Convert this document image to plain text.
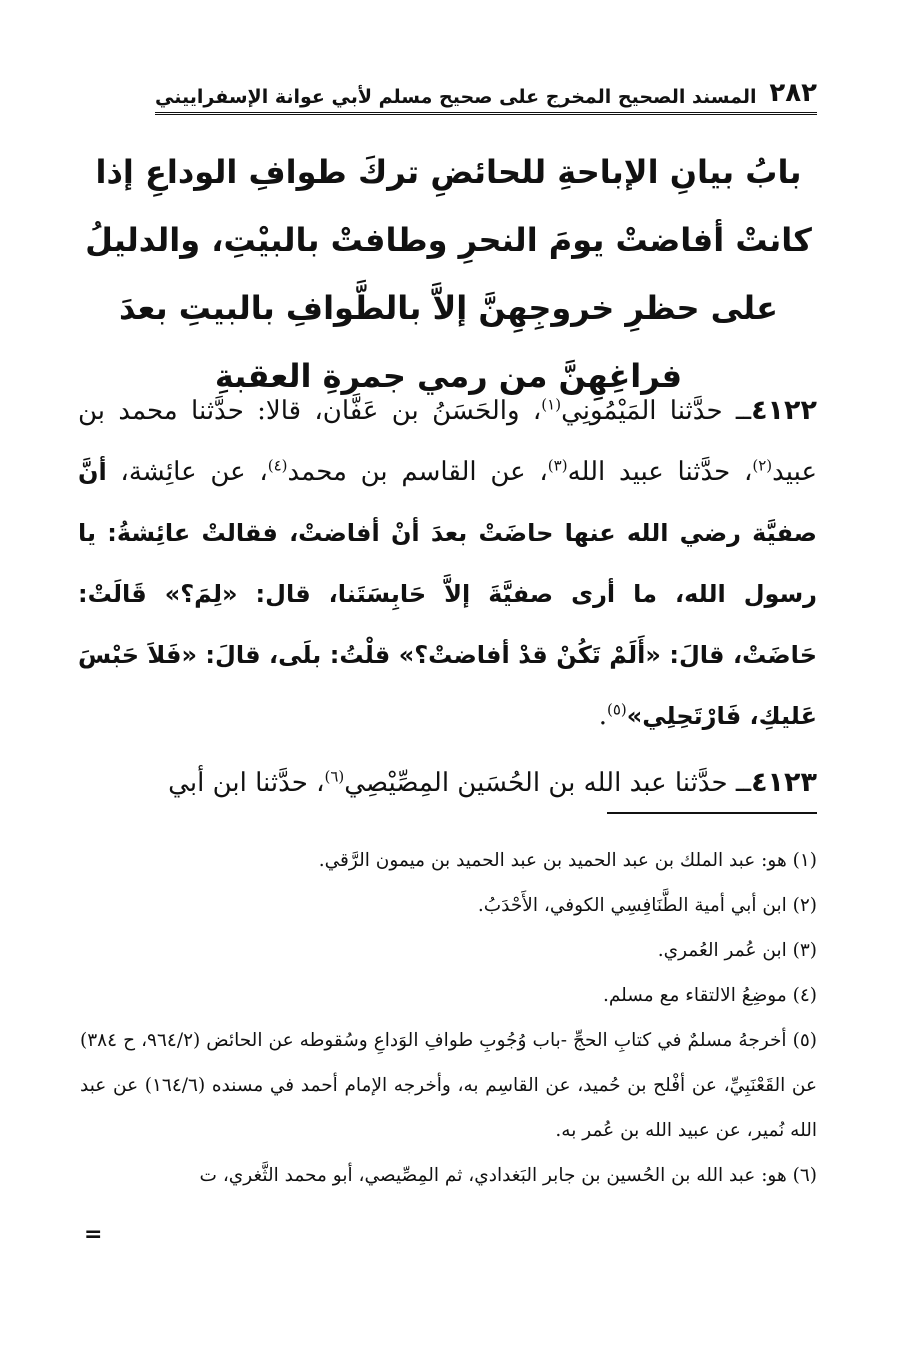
٢٨٢
المسند الصحيح المخرج على صحيح مسلم لأبي عوانة الإسفراييني
بابُ بيانِ الإباحةِ للحائضِ تركَ طوافِ الوداعِ إذا كانتْ أفاضتْ يومَ النحرِ وطافتْ بالبيْتِ، والدليلُ على حظرِ خروجِهِنَّ إلاَّ بالطَّوافِ بالبيتِ بعدَ فراغِهِنَّ من رمي جمرةِ العقبةِ

٤١٢٢ــ حدَّثنا المَيْمُونِي$^{(١)}$، والحَسَنُ بن عَفَّان، قالا: حدَّثنا محمد بن عبيد$^{(٢)}$، حدَّثنا عبيد الله$^{(٣)}$، عن القاسم بن محمد$^{(٤)}$، عن عائِشة، أنَّ صفيَّة رضي الله عنها حاضَتْ بعدَ أنْ أفاضتْ، فقالتْ عائِشةُ: يا رسول الله، ما أرى صفيَّةَ إلاَّ حَابِسَتَنا، قال: «لِمَ؟» قَالَتْ: حَاضَتْ، قالَ: «أَلَمْ تَكُنْ قدْ أفاضتْ؟» قلْتُ: بلَى، قالَ: «فَلاَ حَبْسَ عَليكِ، فَارْتَحِلِي»$^{(٥)}$.

٤١٢٣ــ حدَّثنا عبد الله بن الحُسَين المِصِّيْصِي$^{(٦)}$، حدَّثنا ابن أبي

(١) هو: عبد الملك بن عبد الحميد بن عبد الحميد بن ميمون الرَّقي.

(٢) ابن أبي أمية الطَّنَافِسِي الكوفي، الأَحْدَبُ.

(٣) ابن عُمر العُمري.

(٤) موضِعُ الالتقاء مع مسلم.

(٥) أخرجهُ مسلمٌ في كتابِ الحجِّ -باب وُجُوبِ طوافِ الوَداعِ وسُقوطه عن الحائض (٩٦٤/٢، ح ٣٨٤) عن القَعْنَبِيِّ، عن أفْلح بن حُميد، عن القاسِم به، وأخرجه الإمام أحمد في مسنده (١٦٤/٦) عن عبد الله نُمير، عن عبيد الله بن عُمر به.

(٦) هو: عبد الله بن الحُسين بن جابر البَغدادي، ثم المِصِّيصي، أبو محمد الثَّغري، ت

=
